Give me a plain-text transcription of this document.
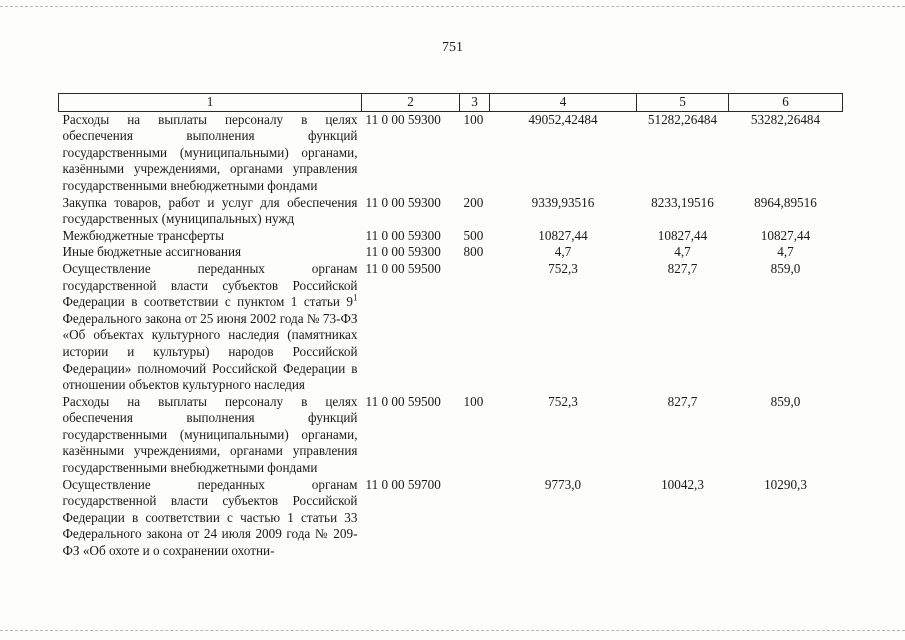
751
1	2	3	4	5	6
Расходы на выплаты персоналу в целях обеспечения выполнения функций государственными (муниципальными) органами, казёнными учреждениями, органами управления государственными внебюджетными фондами	11 0 00 59300	100	49052,42484	51282,26484	53282,26484
Закупка товаров, работ и услуг для обеспечения государственных (муниципальных) нужд	11 0 00 59300	200	9339,93516	8233,19516	8964,89516
Межбюджетные трансферты	11 0 00 59300	500	10827,44	10827,44	10827,44
Иные бюджетные ассигнования	11 0 00 59300	800	4,7	4,7	4,7
Осуществление переданных органам государственной власти субъектов Российской Федерации в соответствии с пунктом 1 статьи $9^1$ Федерального закона от 25 июня 2002 года № 73-ФЗ «Об объектах культурного наследия (памятниках истории и культуры) народов Российской Федерации» полномочий Российской Федерации в отношении объектов культурного наследия	11 0 00 59500		752,3	827,7	859,0
Расходы на выплаты персоналу в целях обеспечения выполнения функций государственными (муниципальными) органами, казёнными учреждениями, органами управления государственными внебюджетными фондами	11 0 00 59500	100	752,3	827,7	859,0
Осуществление переданных органам государственной власти субъектов Российской Федерации в соответствии с частью 1 статьи 33 Федерального закона от 24 июля 2009 года № 209-ФЗ «Об охоте и о сохранении охотни-	11 0 00 59700		9773,0	10042,3	10290,3
